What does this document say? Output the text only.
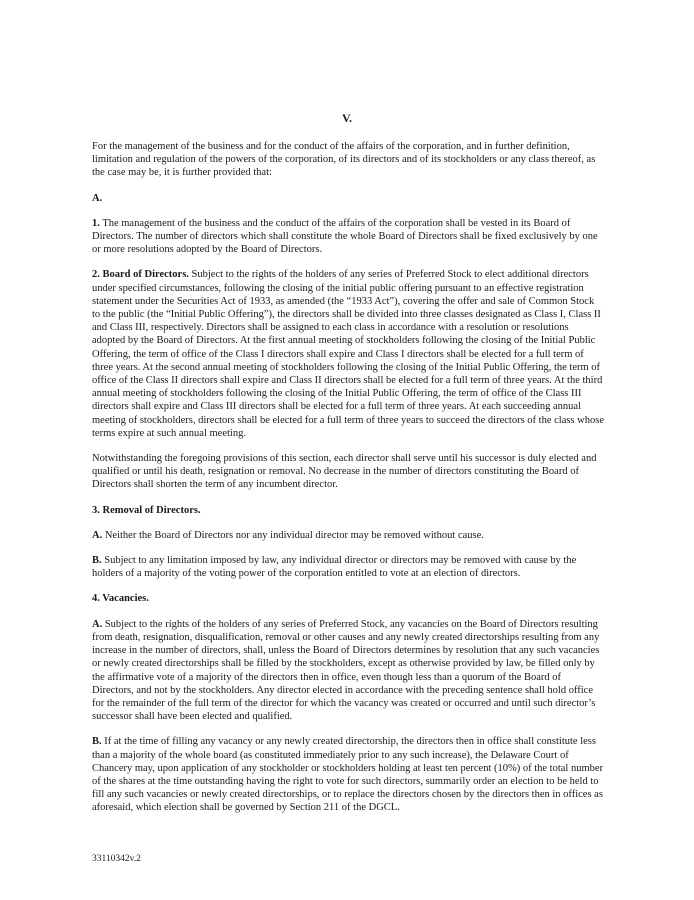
V.

For the management of the business and for the conduct of the affairs of the corporation, and in further definition, limitation and regulation of the powers of the corporation, of its directors and of its stockholders or any class thereof, as the case may be, it is further provided that:

A.

1. The management of the business and the conduct of the affairs of the corporation shall be vested in its Board of Directors. The number of directors which shall constitute the whole Board of Directors shall be fixed exclusively by one or more resolutions adopted by the Board of Directors.

2. Board of Directors. Subject to the rights of the holders of any series of Preferred Stock to elect additional directors under specified circumstances, following the closing of the initial public offering pursuant to an effective registration statement under the Securities Act of 1933, as amended (the “1933 Act”), covering the offer and sale of Common Stock to the public (the “Initial Public Offering”), the directors shall be divided into three classes designated as Class I, Class II and Class III, respectively. Directors shall be assigned to each class in accordance with a resolution or resolutions adopted by the Board of Directors. At the first annual meeting of stockholders following the closing of the Initial Public Offering, the term of office of the Class I directors shall expire and Class I directors shall be elected for a full term of three years. At the second annual meeting of stockholders following the closing of the Initial Public Offering, the term of office of the Class II directors shall expire and Class II directors shall be elected for a full term of three years. At the third annual meeting of stockholders following the closing of the Initial Public Offering, the term of office of the Class III directors shall expire and Class III directors shall be elected for a full term of three years. At each succeeding annual meeting of stockholders, directors shall be elected for a full term of three years to succeed the directors of the class whose terms expire at such annual meeting.

Notwithstanding the foregoing provisions of this section, each director shall serve until his successor is duly elected and qualified or until his death, resignation or removal. No decrease in the number of directors constituting the Board of Directors shall shorten the term of any incumbent director.

3. Removal of Directors.

A. Neither the Board of Directors nor any individual director may be removed without cause.

B. Subject to any limitation imposed by law, any individual director or directors may be removed with cause by the holders of a majority of the voting power of the corporation entitled to vote at an election of directors.

4. Vacancies.

A. Subject to the rights of the holders of any series of Preferred Stock, any vacancies on the Board of Directors resulting from death, resignation, disqualification, removal or other causes and any newly created directorships resulting from any increase in the number of directors, shall, unless the Board of Directors determines by resolution that any such vacancies or newly created directorships shall be filled by the stockholders, except as otherwise provided by law, be filled only by the affirmative vote of a majority of the directors then in office, even though less than a quorum of the Board of Directors, and not by the stockholders. Any director elected in accordance with the preceding sentence shall hold office for the remainder of the full term of the director for which the vacancy was created or occurred and until such director’s successor shall have been elected and qualified.

B. If at the time of filling any vacancy or any newly created directorship, the directors then in office shall constitute less than a majority of the whole board (as constituted immediately prior to any such increase), the Delaware Court of Chancery may, upon application of any stockholder or stockholders holding at least ten percent (10%) of the total number of the shares at the time outstanding having the right to vote for such directors, summarily order an election to be held to fill any such vacancies or newly created directorships, or to replace the directors chosen by the directors then in offices as aforesaid, which election shall be governed by Section 211 of the DGCL.

33110342v.2
